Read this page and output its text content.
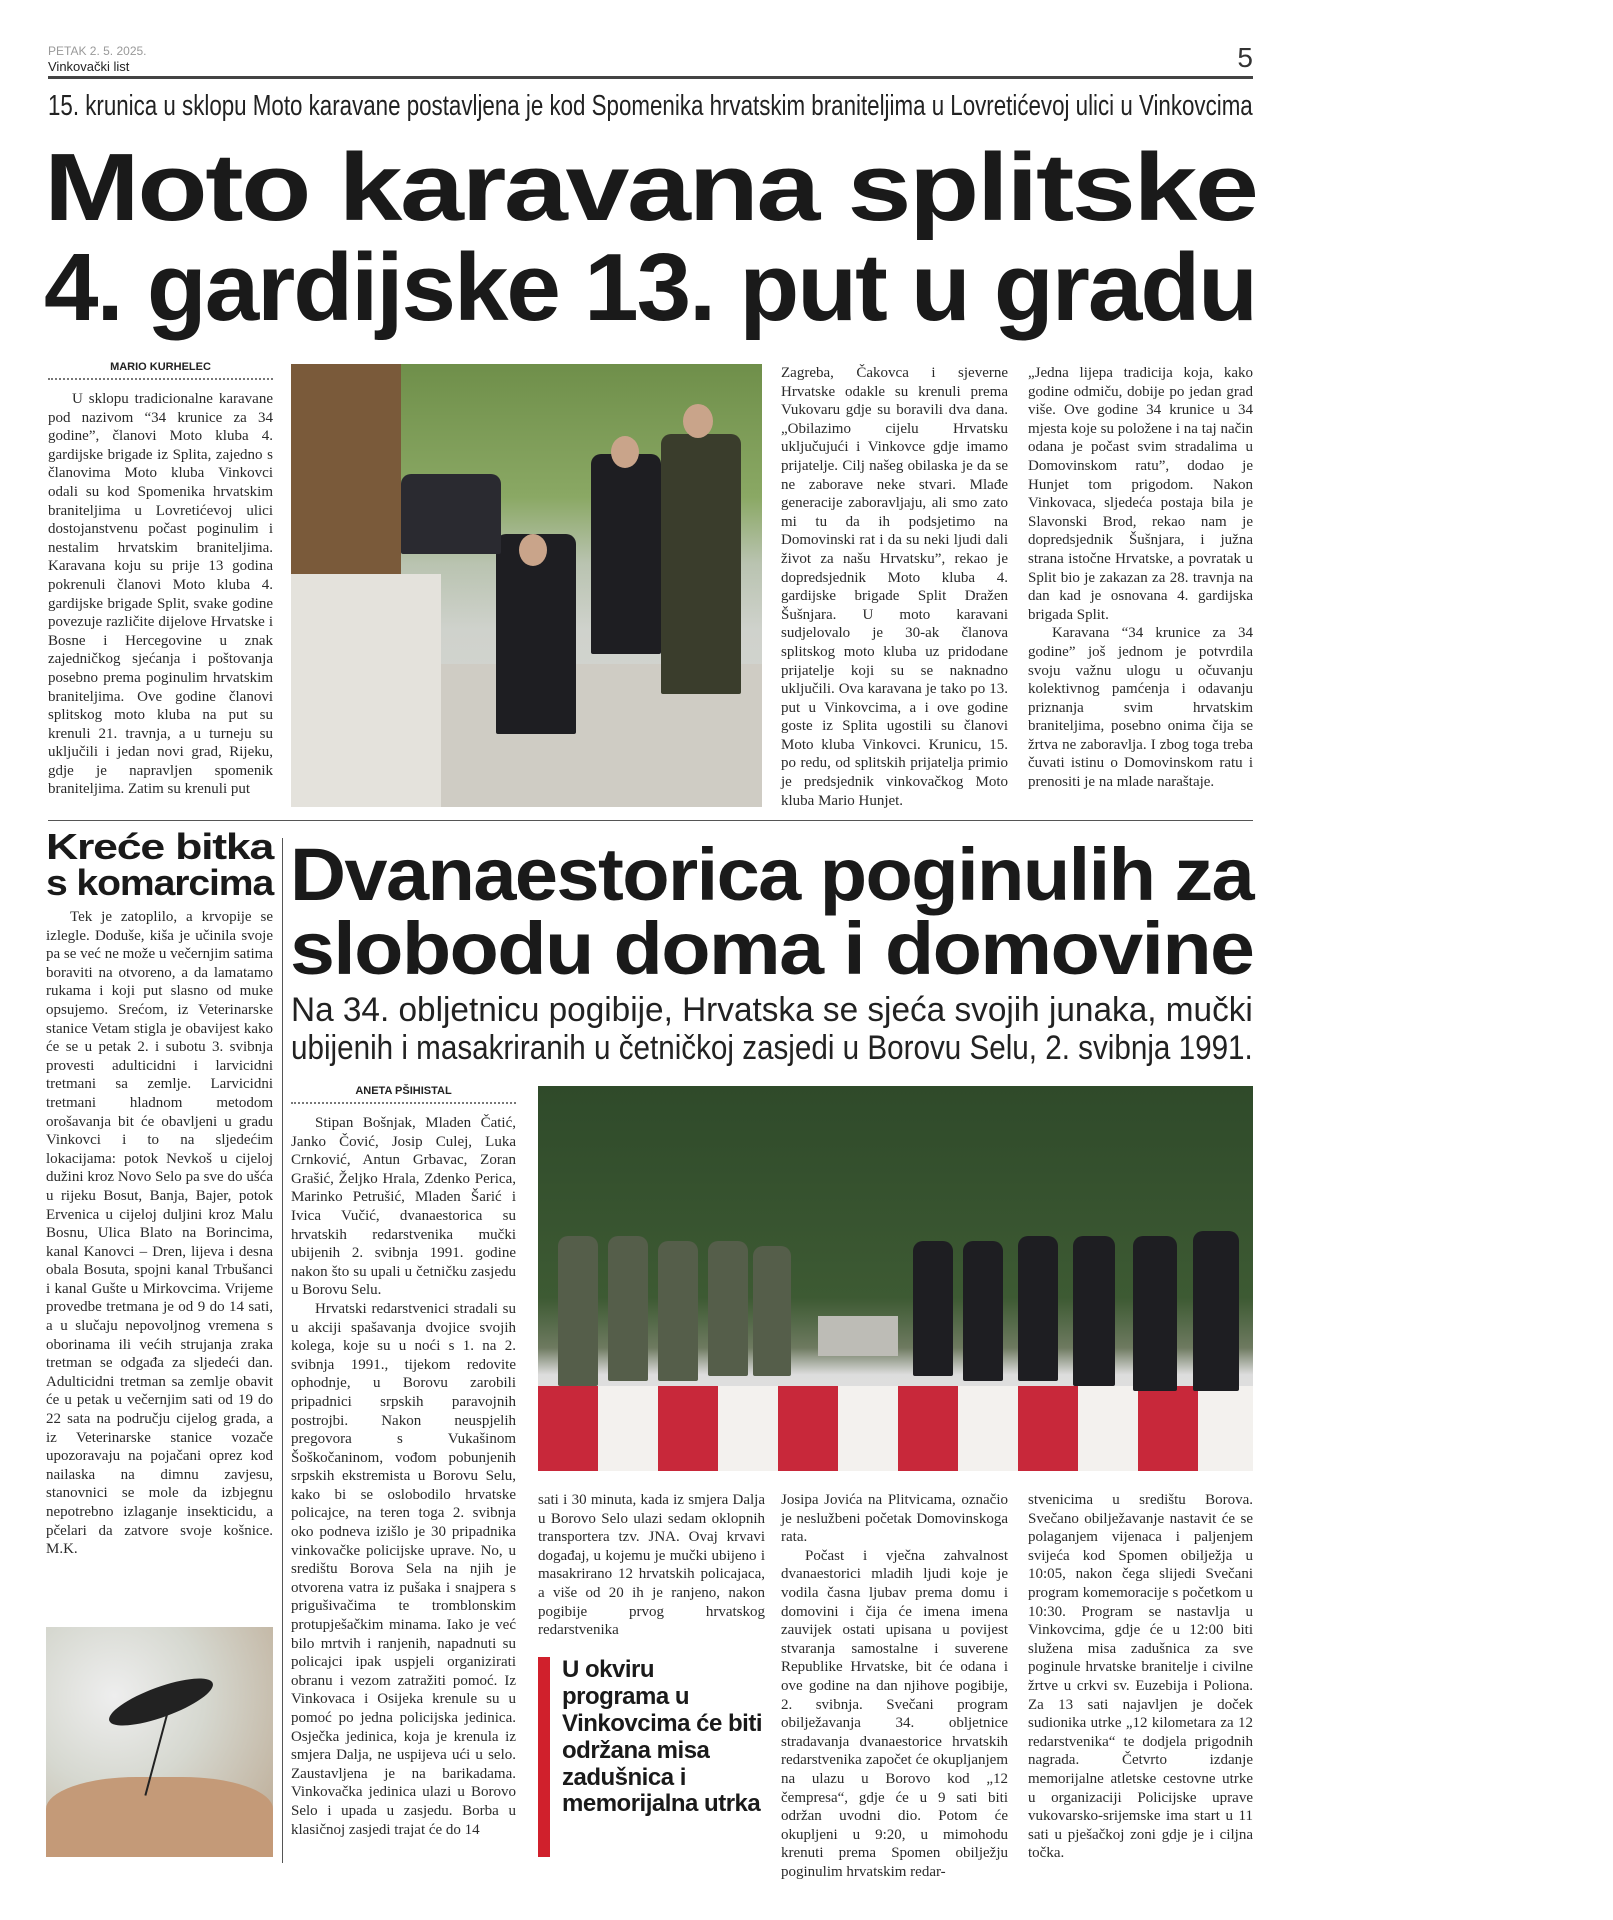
PETAK 2. 5. 2025.
Vinkovački list	5
15. krunica u sklopu Moto karavane postavljena je kod Spomenika hrvatskim braniteljima u Lovretićevoj ulici u Vinkovcima
Moto karavana splitske
4. gardijske 13. put u gradu
MARIO KURHELEC

U sklopu tradicionalne karavane pod nazivom “34 krunice za 34 godine”, članovi Moto kluba 4. gardijske brigade iz Splita, zajedno s članovima Moto kluba Vinkovci odali su kod Spomenika hrvatskim braniteljima u Lovretićevoj ulici dostojanstvenu počast poginulim i nestalim hrvatskim braniteljima. Karavana koju su prije 13 godina pokrenuli članovi Moto kluba 4. gardijske brigade Split, svake godine povezuje različite dijelove Hrvatske i Bosne i Hercegovine u znak zajedničkog sjećanja i poštovanja posebno prema poginulim hrvatskim braniteljima. Ove godine članovi splitskog moto kluba na put su krenuli 21. travnja, a u turneju su uključili i jedan novi grad, Rijeku, gdje je napravljen spomenik braniteljima. Zatim su krenuli put

Zagreba, Čakovca i sjeverne Hrvatske odakle su krenuli prema Vukovaru gdje su boravili dva dana. „Obilazimo cijelu Hrvatsku uključujući i Vinkovce gdje imamo prijatelje. Cilj našeg obilaska je da se ne zaborave neke stvari. Mlađe generacije zaboravljaju, ali smo zato mi tu da ih podsjetimo na Domovinski rat i da su neki ljudi dali život za našu Hrvatsku”, rekao je dopredsjednik Moto kluba 4. gardijske brigade Split Dražen Šušnjara. U moto karavani sudjelovalo je 30-ak članova splitskog moto kluba uz pridodane prijatelje koji su se naknadno uključili. Ova karavana je tako po 13. put u Vinkovcima, a i ove godine goste iz Splita ugostili su članovi Moto kluba Vinkovci. Krunicu, 15. po redu, od splitskih prijatelja primio je predsjednik vinkovačkog Moto kluba Mario Hunjet.

„Jedna lijepa tradicija koja, kako godine odmiču, dobije po jedan grad više. Ove godine 34 krunice u 34 mjesta koje su položene i na taj način odana je počast svim stradalima u Domovinskom ratu”, dodao je Hunjet tom prigodom. Nakon Vinkovaca, sljedeća postaja bila je Slavonski Brod, rekao nam je dopredsjednik Šušnjara, i južna strana istočne Hrvatske, a povratak u Split bio je zakazan za 28. travnja na dan kad je osnovana 4. gardijska brigada Split.

Karavana “34 krunice za 34 godine” još jednom je potvrdila svoju važnu ulogu u očuvanju kolektivnog pamćenja i odavanju priznanja svim hrvatskim braniteljima, posebno onima čija se žrtva ne zaboravlja. I zbog toga treba čuvati istinu o Domovinskom ratu i prenositi je na mlade naraštaje.

Kreće bitka
s komarcima

Tek je zatoplilo, a krvopije se izlegle. Doduše, kiša je učinila svoje pa se već ne može u večernjim satima boraviti na otvoreno, a da lamatamo rukama i koji put slasno od muke opsujemo. Srećom, iz Veterinarske stanice Vetam stigla je obavijest kako će se u petak 2. i subotu 3. svibnja provesti adulticidni i larvicidni tretmani sa zemlje. Larvicidni tretmani hladnom metodom orošavanja bit će obavljeni u gradu Vinkovci i to na sljedećim lokacijama: potok Nevkoš u cijeloj dužini kroz Novo Selo pa sve do ušća u rijeku Bosut, Banja, Bajer, potok Ervenica u cijeloj duljini kroz Malu Bosnu, Ulica Blato na Borincima, kanal Kanovci – Dren, lijeva i desna obala Bosuta, spojni kanal Trbušanci i kanal Gušte u Mirkovcima. Vrijeme provedbe tretmana je od 9 do 14 sati, a u slučaju nepovoljnog vremena s oborinama ili većih strujanja zraka tretman se odgađa za sljedeći dan. Adulticidni tretman sa zemlje obavit će u petak u večernjim sati od 19 do 22 sata na području cijelog grada, a iz Veterinarske stanice vozače upozoravaju na pojačani oprez kod nailaska na dimnu zavjesu, stanovnici se mole da izbjegnu nepotrebno izlaganje insekticidu, a pčelari da zatvore svoje košnice. M.K.

Dvanaestorica poginulih za
slobodu doma i domovine
Na 34. obljetnicu pogibije, Hrvatska se sjeća svojih junaka, mučki
ubijenih i masakriranih u četničkoj zasjedi u Borovu Selu, 2. svibnja 1991.
ANETA PŠIHISTAL

Stipan Bošnjak, Mladen Čatić, Janko Čović, Josip Culej, Luka Crnković, Antun Grbavac, Zoran Grašić, Željko Hrala, Zdenko Perica, Marinko Petrušić, Mladen Šarić i Ivica Vučić, dvanaestorica su hrvatskih redarstvenika mučki ubijenih 2. svibnja 1991. godine nakon što su upali u četničku zasjedu u Borovu Selu.

Hrvatski redarstvenici stradali su u akciji spašavanja dvojice svojih kolega, koje su u noći s 1. na 2. svibnja 1991., tijekom redovite ophodnje, u Borovu zarobili pripadnici srpskih paravojnih postrojbi. Nakon neuspjelih pregovora s Vukašinom Šoškočaninom, vođom pobunjenih srpskih ekstremista u Borovu Selu, kako bi se oslobodilo hrvatske policajce, na teren toga 2. svibnja oko podneva izišlo je 30 pripadnika vinkovačke policijske uprave. No, u središtu Borova Sela na njih je otvorena vatra iz pušaka i snajpera s prigušivačima te tromblonskim protupješačkim minama. Iako je već bilo mrtvih i ranjenih, napadnuti su policajci ipak uspjeli organizirati obranu i vezom zatražiti pomoć. Iz Vinkovaca i Osijeka krenule su u pomoć po jedna policijska jedinica. Osječka jedinica, koja je krenula iz smjera Dalja, ne uspijeva ući u selo. Zaustavljena je na barikadama. Vinkovačka jedinica ulazi u Borovo Selo i upada u zasjedu. Borba u klasičnoj zasjedi trajat će do 14

sati i 30 minuta, kada iz smjera Dalja u Borovo Selo ulazi sedam oklopnih transportera tzv. JNA. Ovaj krvavi događaj, u kojemu je mučki ubijeno i masakrirano 12 hrvatskih policajaca, a više od 20 ih je ranjeno, nakon pogibije prvog hrvatskog redarstvenika

U okviru programa u Vinkovcima će biti održana misa zadušnica i memorijalna utrka

Josipa Jovića na Plitvicama, označio je neslužbeni početak Domovinskoga rata.

Počast i vječna zahvalnost dvanaestorici mladih ljudi koje je vodila časna ljubav prema domu i domovini i čija će imena imena zauvijek ostati upisana u povijest stvaranja samostalne i suverene Republike Hrvatske, bit će odana i ove godine na dan njihove pogibije, 2. svibnja. Svečani program obilježavanja 34. obljetnice stradavanja dvanaestorice hrvatskih redarstvenika započet će okupljanjem na ulazu u Borovo kod „12 čempresa“, gdje će u 9 sati biti održan uvodni dio. Potom će okupljeni u 9:20, u mimohodu krenuti prema Spomen obilježju poginulim hrvatskim redar-

stvenicima u središtu Borova. Svečano obilježavanje nastavit će se polaganjem vijenaca i paljenjem svijeća kod Spomen obilježja u 10:05, nakon čega slijedi Svečani program komemoracije s početkom u 10:30. Program se nastavlja u Vinkovcima, gdje će u 12:00 biti služena misa zadušnica za sve poginule hrvatske branitelje i civilne žrtve u crkvi sv. Euzebija i Poliona. Za 13 sati najavljen je doček sudionika utrke „12 kilometara za 12 redarstvenika“ te dodjela prigodnih nagrada. Četvrto izdanje memorijalne atletske cestovne utrke u organizaciji Policijske uprave vukovarsko-srijemske ima start u 11 sati u pješačkoj zoni gdje je i ciljna točka.
